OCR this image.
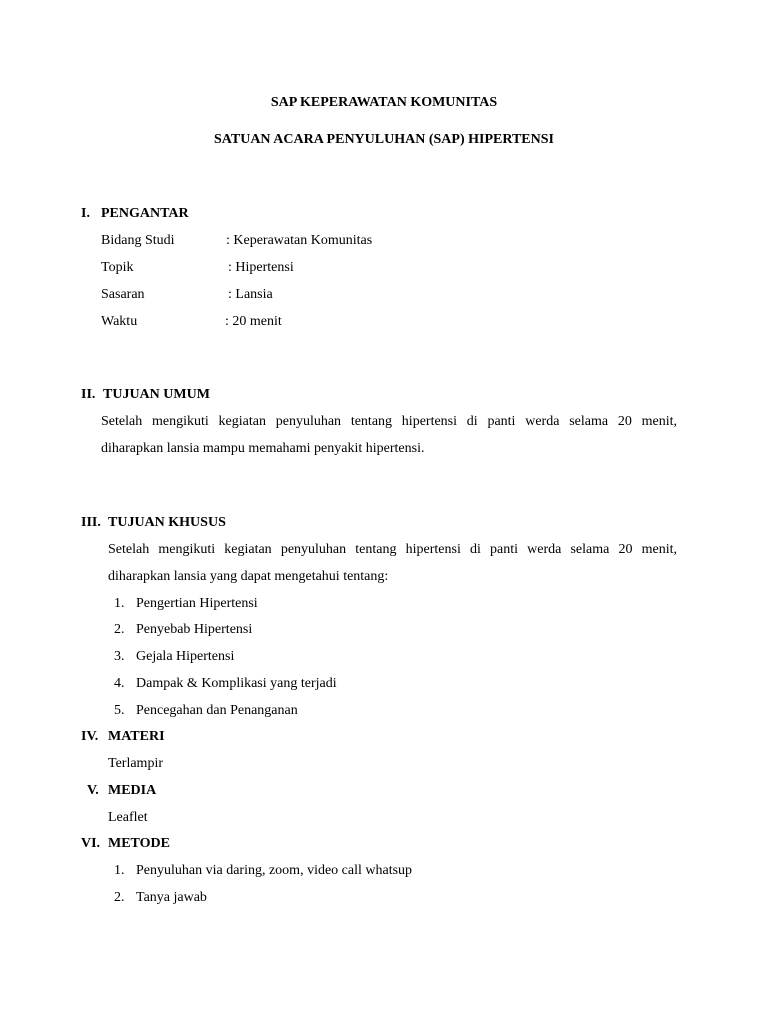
SAP KEPERAWATAN KOMUNITAS
SATUAN ACARA PENYULUHAN (SAP) HIPERTENSI
I. PENGANTAR
Bidang Studi	: Keperawatan Komunitas
Topik	: Hipertensi
Sasaran	: Lansia
Waktu	: 20 menit
II. TUJUAN UMUM
Setelah mengikuti kegiatan penyuluhan tentang hipertensi di panti werda selama 20 menit,
diharapkan lansia mampu memahami penyakit hipertensi.
III. TUJUAN KHUSUS
Setelah mengikuti kegiatan penyuluhan tentang hipertensi di panti werda selama 20 menit,
diharapkan lansia yang dapat mengetahui tentang:
1. Pengertian Hipertensi
2. Penyebab Hipertensi
3. Gejala Hipertensi
4. Dampak & Komplikasi yang terjadi
5. Pencegahan dan Penanganan
IV. MATERI
Terlampir
V. MEDIA
Leaflet
VI. METODE
1. Penyuluhan via daring, zoom, video call whatsup
2. Tanya jawab
